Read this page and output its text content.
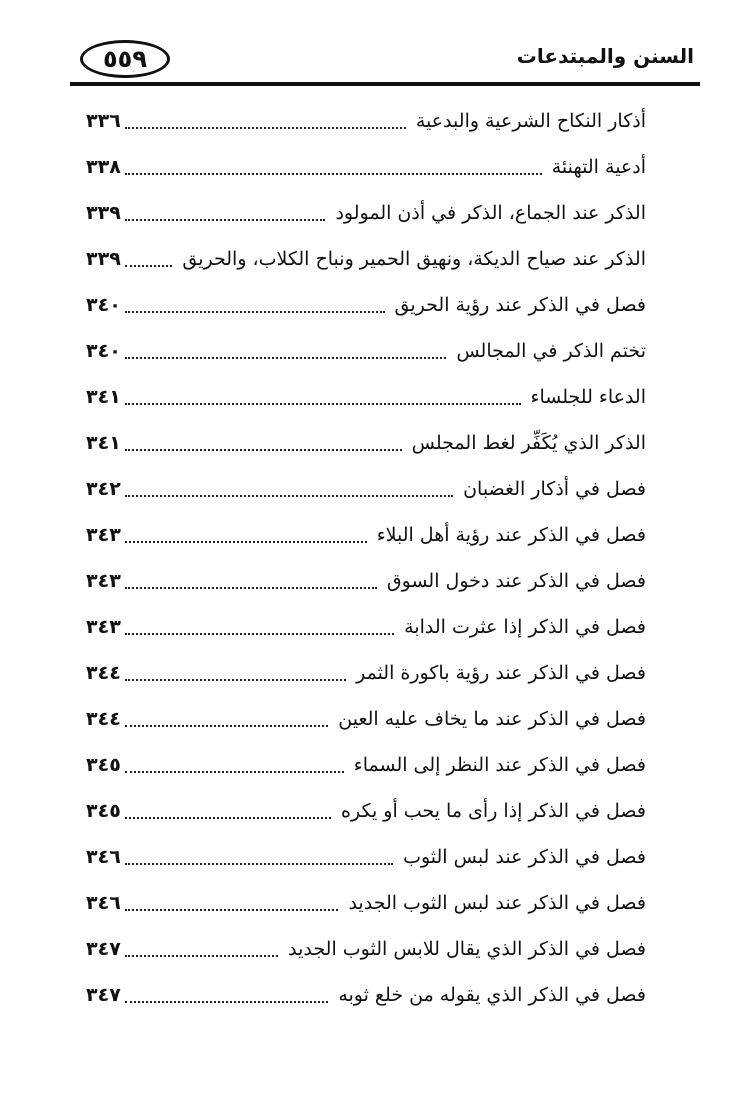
٥٥٩	السنن والمبتدعات
أذكار النكاح الشرعية والبدعية
٣٣٦
أدعية التهنئة
٣٣٨
الذكر عند الجماع، الذكر في أذن المولود
٣٣٩
الذكر عند صياح الديكة، ونهيق الحمير ونباح الكلاب، والحريق
٣٣٩
فصل في الذكر عند رؤية الحريق
٣٤٠
تختم الذكر في المجالس
٣٤٠
الدعاء للجلساء
٣٤١
الذكر الذي يُكَفِّر لغط المجلس
٣٤١
فصل في أذكار الغضبان
٣٤٢
فصل في الذكر عند رؤية أهل البلاء
٣٤٣
فصل في الذكر عند دخول السوق
٣٤٣
فصل في الذكر إذا عثرت الدابة
٣٤٣
فصل في الذكر عند رؤية باكورة الثمر
٣٤٤
فصل في الذكر عند ما يخاف عليه العين
٣٤٤
فصل في الذكر عند النظر إلى السماء
٣٤٥
فصل في الذكر إذا رأى ما يحب أو يكره
٣٤٥
فصل في الذكر عند لبس الثوب
٣٤٦
فصل في الذكر عند لبس الثوب الجديد
٣٤٦
فصل في الذكر الذي يقال للابس الثوب الجديد
٣٤٧
فصل في الذكر الذي يقوله من خلع ثوبه
٣٤٧
